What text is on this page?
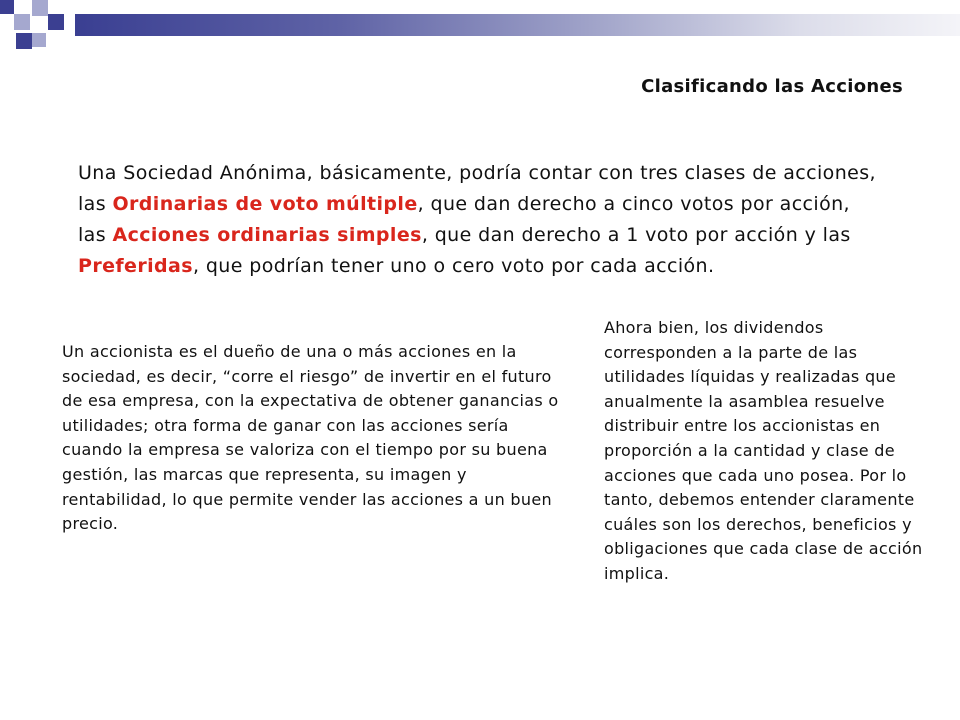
Clasificando las Acciones

Una Sociedad Anónima, básicamente, podría contar con tres clases de acciones, las Ordinarias de voto múltiple, que dan derecho a cinco votos por acción, las Acciones ordinarias simples, que dan derecho a 1 voto por acción y las Preferidas, que podrían tener uno o cero voto por cada acción.

Un accionista es el dueño de una o más acciones en la sociedad, es decir, “corre el riesgo” de invertir en el futuro de esa empresa, con la expectativa de obtener ganancias o utilidades; otra forma de ganar con las acciones sería cuando la empresa se valoriza con el tiempo por su buena gestión, las marcas que representa, su imagen y rentabilidad, lo que permite vender las acciones a un buen precio.

Ahora bien, los dividendos corresponden a la parte de las utilidades líquidas y realizadas que anualmente la asamblea resuelve distribuir entre los accionistas en proporción a la cantidad y clase de acciones que cada uno posea. Por lo tanto, debemos entender claramente cuáles son los derechos, beneficios y obligaciones que cada clase de acción implica.
